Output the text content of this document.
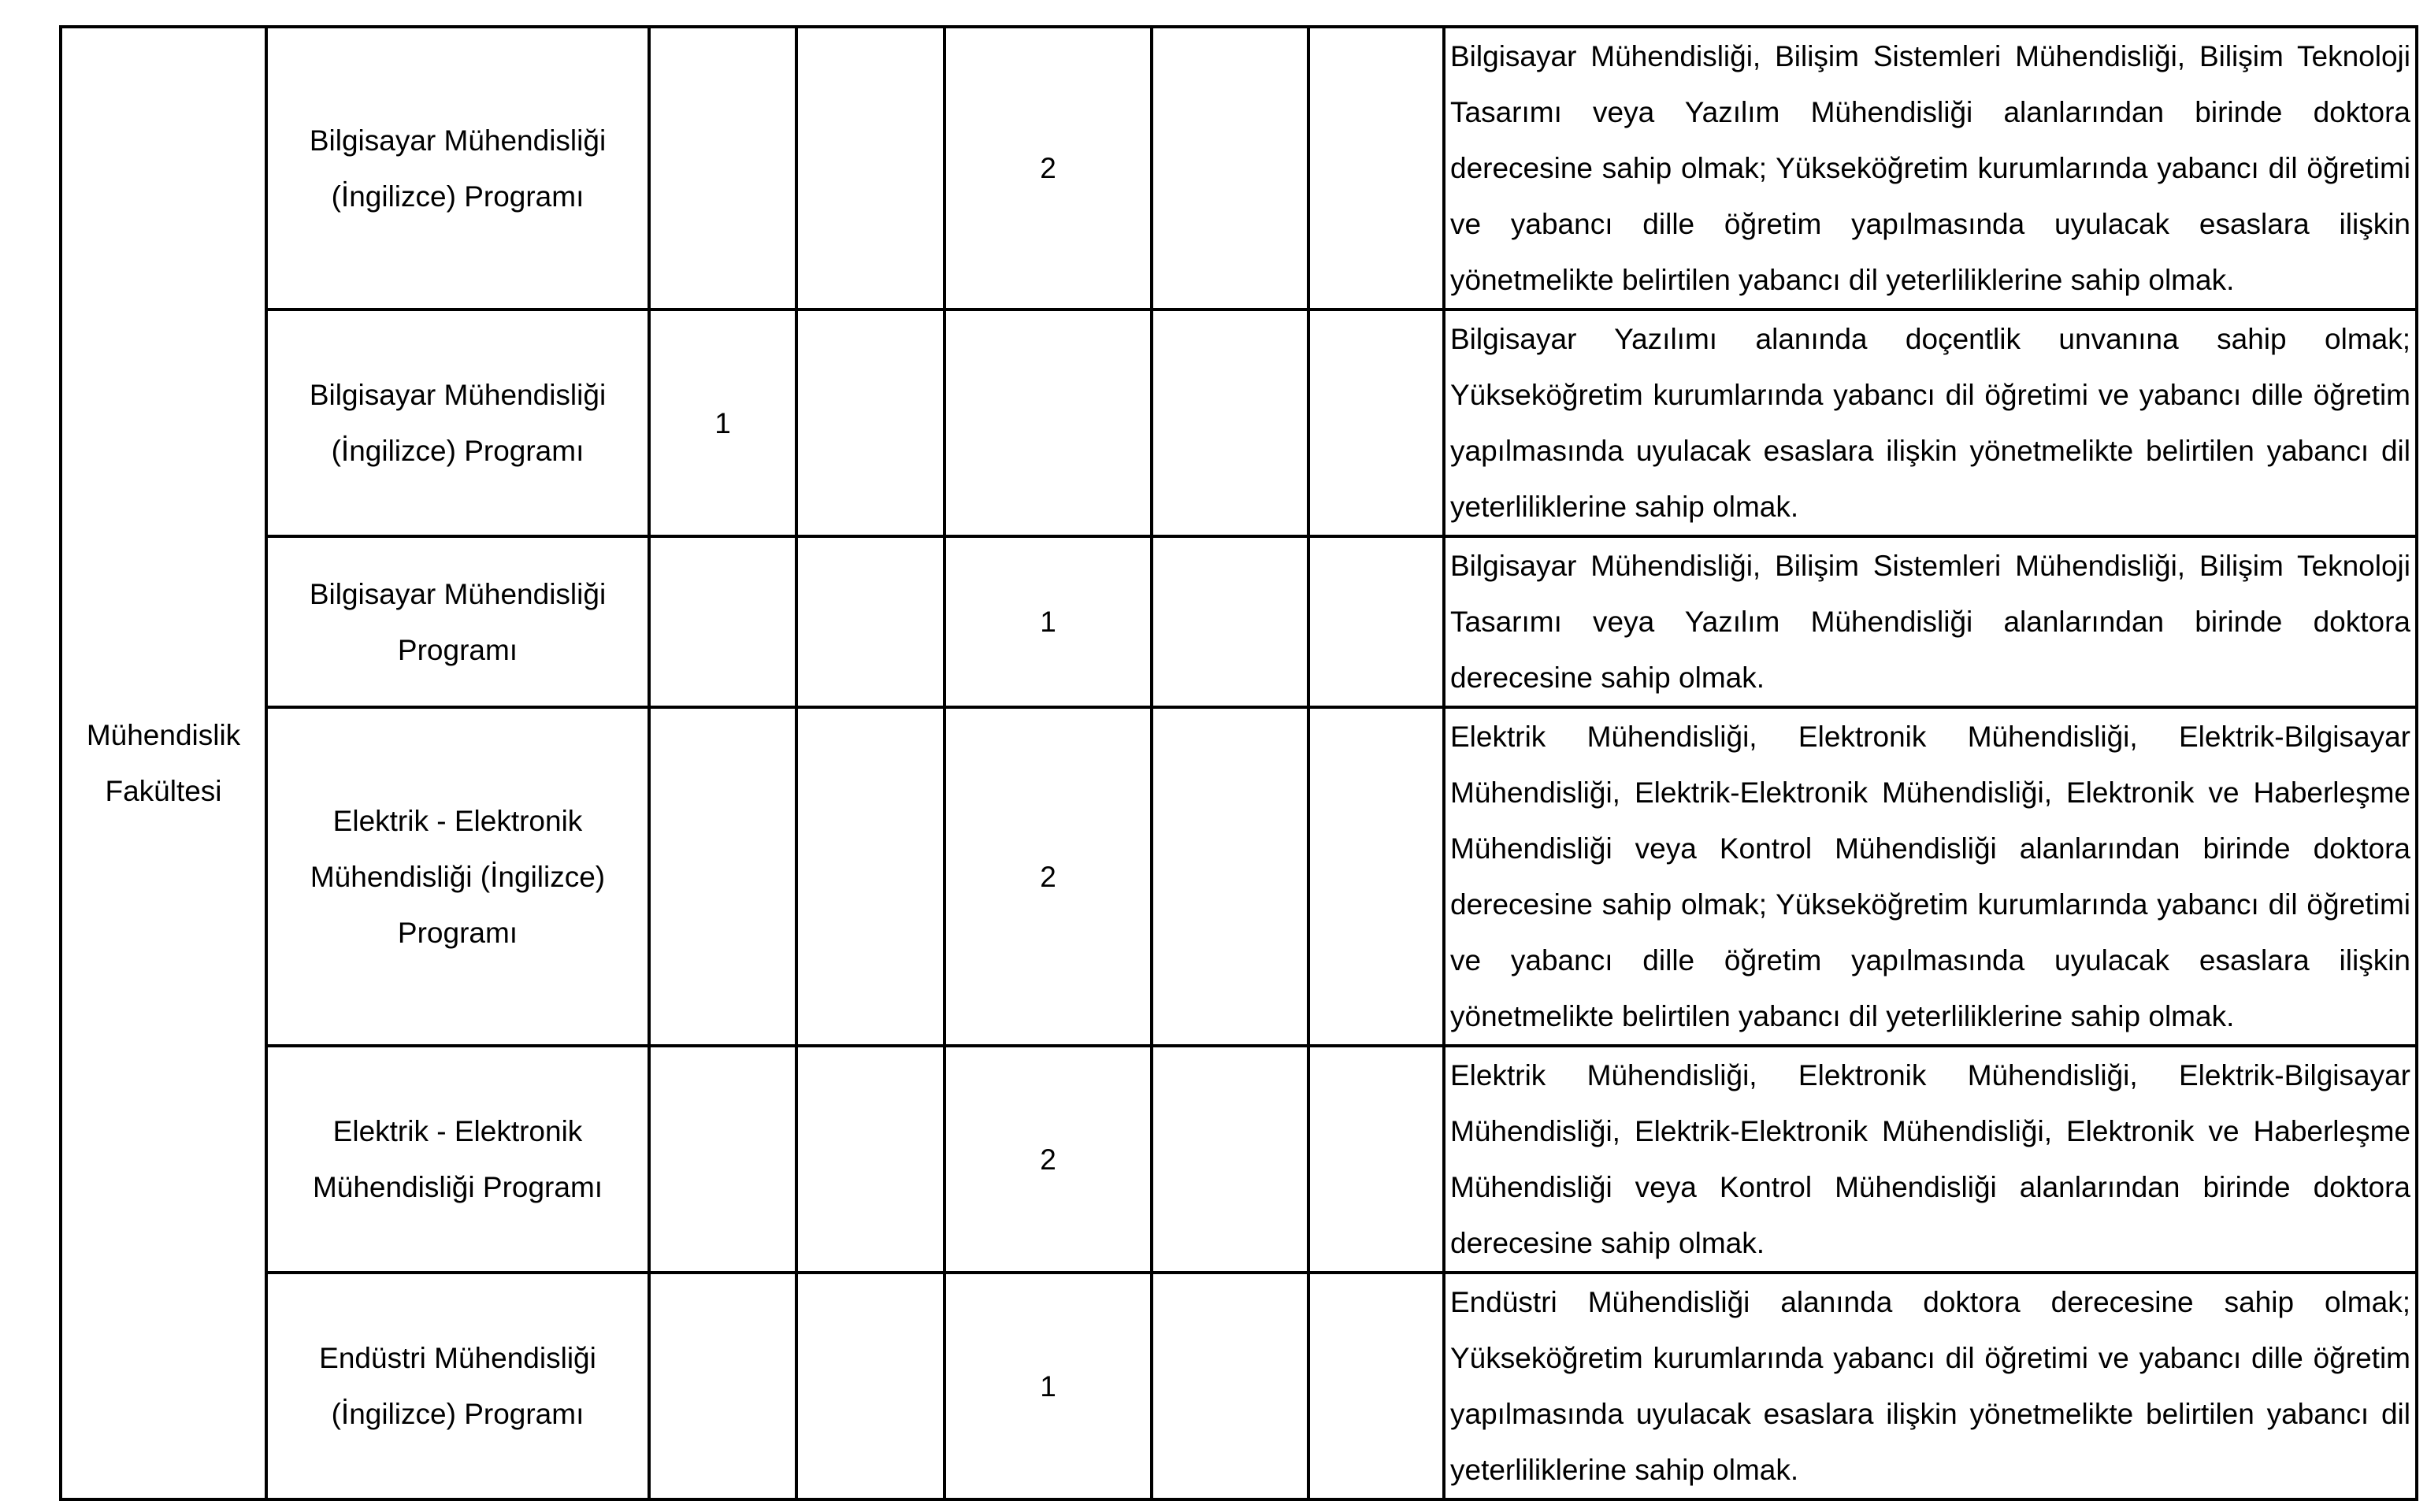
Mühendislik Fakültesi	Bilgisayar Mühendisliği (İngilizce) Programı			2			Bilgisayar Mühendisliği, Bilişim Sistemleri Mühendisliği, Bilişim Teknoloji Tasarımı veya Yazılım Mühendisliği alanlarından birinde doktora derecesine sahip olmak; Yükseköğretim kurumlarında yabancı dil öğretimi ve yabancı dille öğretim yapılmasında uyulacak esaslara ilişkin yönetmelikte belirtilen yabancı dil yeterliliklerine sahip olmak.
	Bilgisayar Mühendisliği (İngilizce) Programı	1					Bilgisayar Yazılımı alanında doçentlik unvanına sahip olmak; Yükseköğretim kurumlarında yabancı dil öğretimi ve yabancı dille öğretim yapılmasında uyulacak esaslara ilişkin yönetmelikte belirtilen yabancı dil yeterliliklerine sahip olmak.
	Bilgisayar Mühendisliği Programı			1			Bilgisayar Mühendisliği, Bilişim Sistemleri Mühendisliği, Bilişim Teknoloji Tasarımı veya Yazılım Mühendisliği alanlarından birinde doktora derecesine sahip olmak.
	Elektrik - Elektronik Mühendisliği (İngilizce) Programı			2			Elektrik Mühendisliği, Elektronik Mühendisliği, Elektrik-Bilgisayar Mühendisliği, Elektrik-Elektronik Mühendisliği, Elektronik ve Haberleşme Mühendisliği veya Kontrol Mühendisliği alanlarından birinde doktora derecesine sahip olmak; Yükseköğretim kurumlarında yabancı dil öğretimi ve yabancı dille öğretim yapılmasında uyulacak esaslara ilişkin yönetmelikte belirtilen yabancı dil yeterliliklerine sahip olmak.
	Elektrik - Elektronik Mühendisliği Programı			2			Elektrik Mühendisliği, Elektronik Mühendisliği, Elektrik-Bilgisayar Mühendisliği, Elektrik-Elektronik Mühendisliği, Elektronik ve Haberleşme Mühendisliği veya Kontrol Mühendisliği alanlarından birinde doktora derecesine sahip olmak.
	Endüstri Mühendisliği (İngilizce) Programı			1			Endüstri Mühendisliği alanında doktora derecesine sahip olmak; Yükseköğretim kurumlarında yabancı dil öğretimi ve yabancı dille öğretim yapılmasında uyulacak esaslara ilişkin yönetmelikte belirtilen yabancı dil yeterliliklerine sahip olmak.
